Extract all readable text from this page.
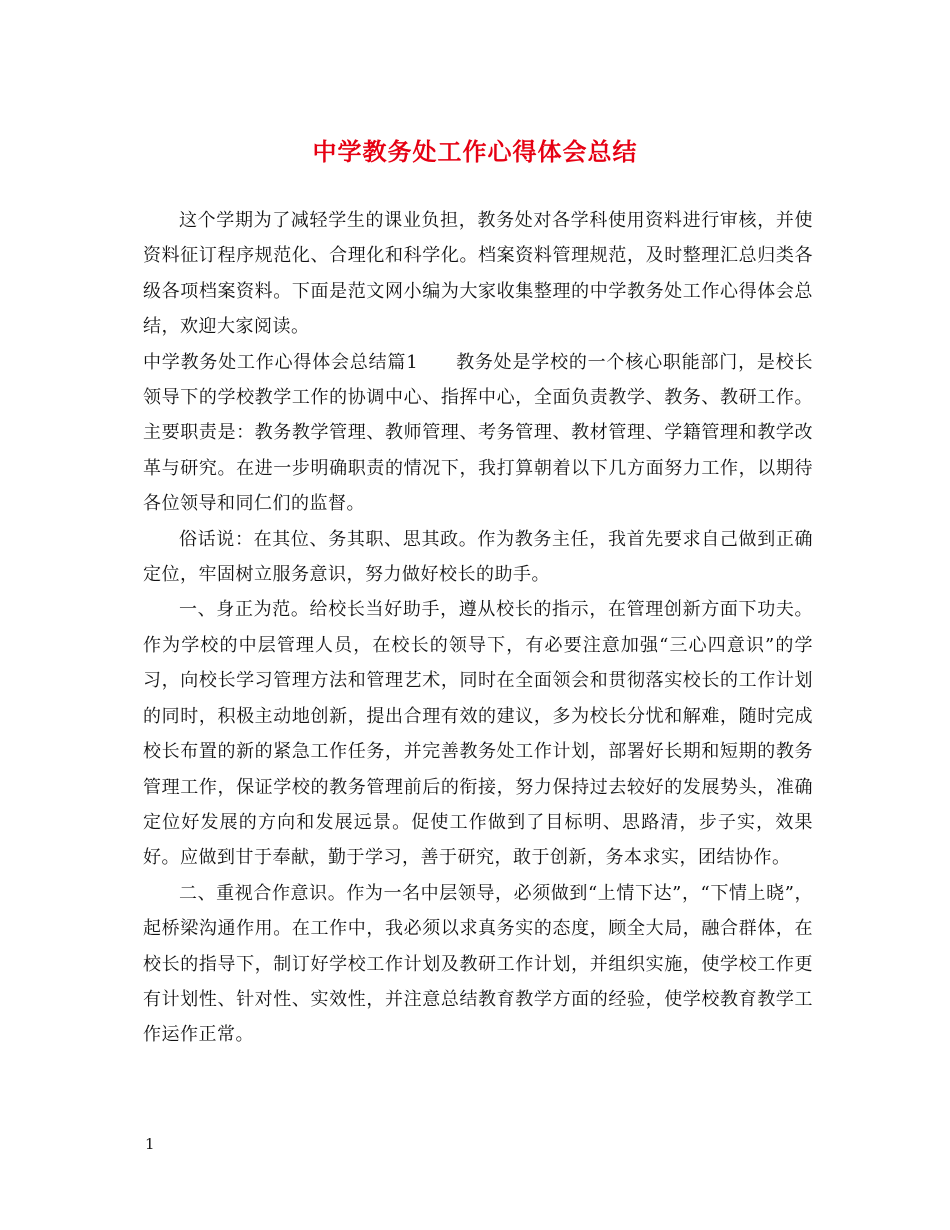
中学教务处工作心得体会总结

这个学期为了减轻学生的课业负担，教务处对各学科使用资料进行审核，并使资料征订程序规范化、合理化和科学化。档案资料管理规范，及时整理汇总归类各级各项档案资料。下面是范文网小编为大家收集整理的中学教务处工作心得体会总结，欢迎大家阅读。

中学教务处工作心得体会总结篇1　　教务处是学校的一个核心职能部门，是校长领导下的学校教学工作的协调中心、指挥中心，全面负责教学、教务、教研工作。主要职责是：教务教学管理、教师管理、考务管理、教材管理、学籍管理和教学改革与研究。在进一步明确职责的情况下，我打算朝着以下几方面努力工作，以期待各位领导和同仁们的监督。

俗话说：在其位、务其职、思其政。作为教务主任，我首先要求自己做到正确定位，牢固树立服务意识，努力做好校长的助手。

一、身正为范。给校长当好助手，遵从校长的指示，在管理创新方面下功夫。作为学校的中层管理人员，在校长的领导下，有必要注意加强“三心四意识”的学习，向校长学习管理方法和管理艺术，同时在全面领会和贯彻落实校长的工作计划的同时，积极主动地创新，提出合理有效的建议，多为校长分忧和解难，随时完成校长布置的新的紧急工作任务，并完善教务处工作计划，部署好长期和短期的教务管理工作，保证学校的教务管理前后的衔接，努力保持过去较好的发展势头，准确定位好发展的方向和发展远景。促使工作做到了目标明、思路清，步子实，效果好。应做到甘于奉献，勤于学习，善于研究，敢于创新，务本求实，团结协作。

二、重视合作意识。作为一名中层领导，必须做到“上情下达”，“下情上晓”，起桥梁沟通作用。在工作中，我必须以求真务实的态度，顾全大局，融合群体，在校长的指导下，制订好学校工作计划及教研工作计划，并组织实施，使学校工作更有计划性、针对性、实效性，并注意总结教育教学方面的经验，使学校教育教学工作运作正常。

1
